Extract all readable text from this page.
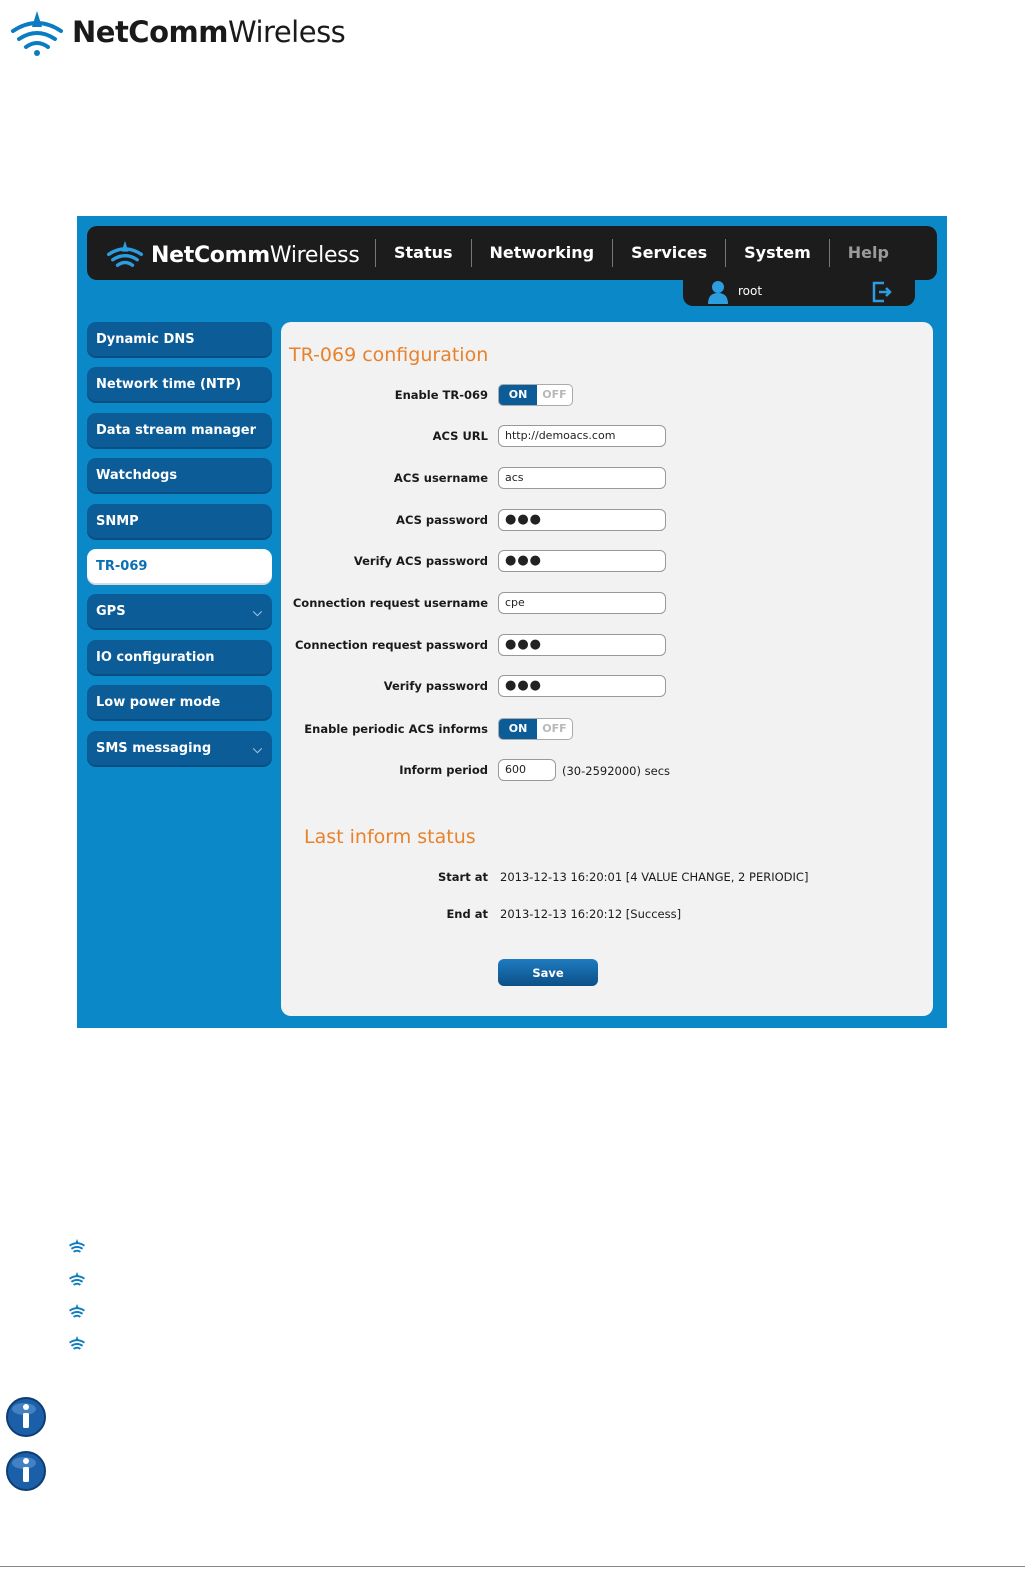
NetCommWireless
NetCommWireless	Status	Networking	Services	System	Help
root
Dynamic DNS
Network time (NTP)
Data stream manager
Watchdogs
SNMP
TR-069
GPS	⌵
IO configuration
Low power mode
SMS messaging	⌵
TR-069 configuration
Enable TR-069	ON	OFF
ACS URL	http://demoacs.com
ACS username	acs
ACS password	●●●
Verify ACS password	●●●
Connection request username	cpe
Connection request password	●●●
Verify password	●●●
Enable periodic ACS informs	ON	OFF
Inform period	600	(30-2592000) secs
Last inform status
Start at 2013-12-13 16:20:01 [4 VALUE CHANGE, 2 PERIODIC]
End at 2013-12-13 16:20:12 [Success]
Save
